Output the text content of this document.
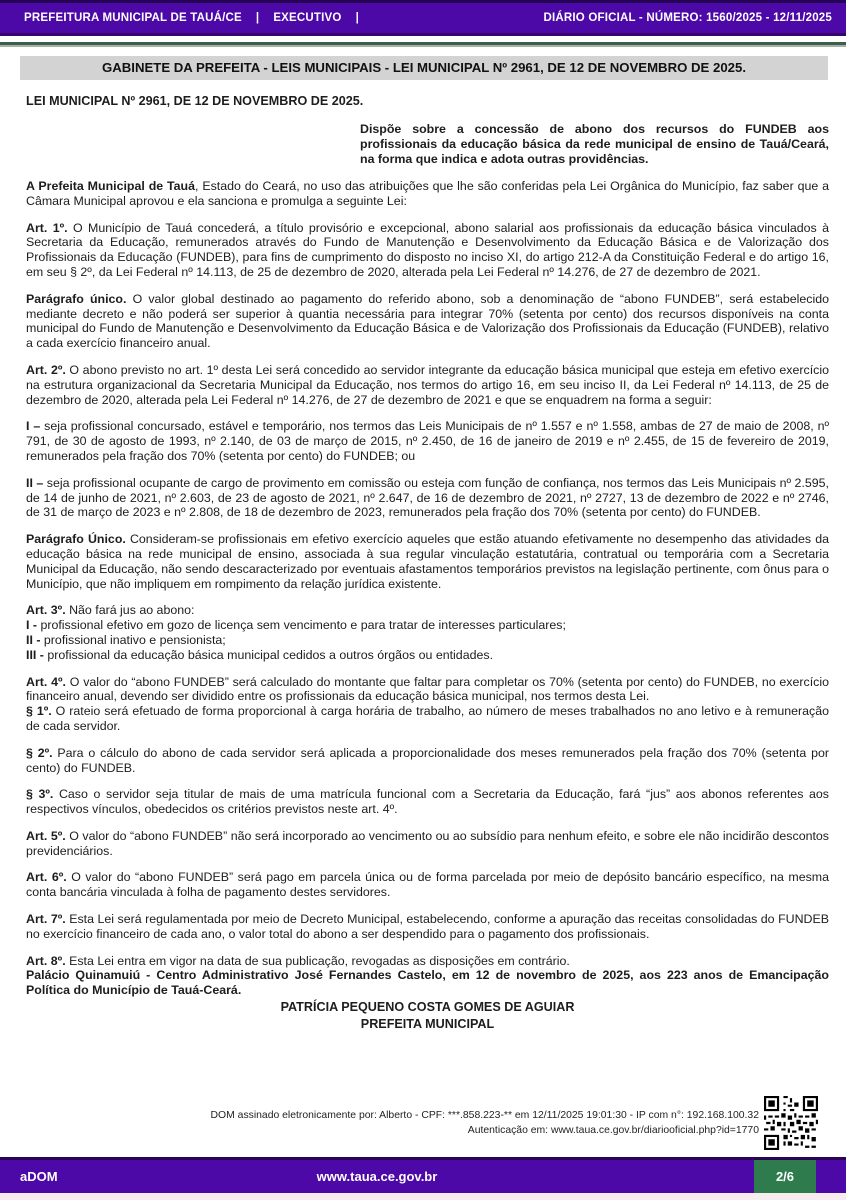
PREFEITURA MUNICIPAL DE TAUÁ/CE | EXECUTIVO |	DIÁRIO OFICIAL - NÚMERO: 1560/2025 - 12/11/2025
GABINETE DA PREFEITA - LEIS MUNICIPAIS - LEI MUNICIPAL Nº 2961, DE 12 DE NOVEMBRO DE 2025.
LEI MUNICIPAL Nº 2961, DE 12 DE NOVEMBRO DE 2025.
Dispõe sobre a concessão de abono dos recursos do FUNDEB aos profissionais da educação básica da rede municipal de ensino de Tauá/Ceará, na forma que indica e adota outras providências.

A Prefeita Municipal de Tauá, Estado do Ceará, no uso das atribuições que lhe são conferidas pela Lei Orgânica do Município, faz saber que a Câmara Municipal aprovou e ela sanciona e promulga a seguinte Lei:

Art. 1º. O Município de Tauá concederá, a título provisório e excepcional, abono salarial aos profissionais da educação básica vinculados à Secretaria da Educação, remunerados através do Fundo de Manutenção e Desenvolvimento da Educação Básica e de Valorização dos Profissionais da Educação (FUNDEB), para fins de cumprimento do disposto no inciso XI, do artigo 212-A da Constituição Federal e do artigo 16, em seu § 2º, da Lei Federal nº 14.113, de 25 de dezembro de 2020, alterada pela Lei Federal nº 14.276, de 27 de dezembro de 2021.

Parágrafo único. O valor global destinado ao pagamento do referido abono, sob a denominação de “abono FUNDEB”, será estabelecido mediante decreto e não poderá ser superior à quantia necessária para integrar 70% (setenta por cento) dos recursos disponíveis na conta municipal do Fundo de Manutenção e Desenvolvimento da Educação Básica e de Valorização dos Profissionais da Educação (FUNDEB), relativo a cada exercício financeiro anual.

Art. 2º. O abono previsto no art. 1º desta Lei será concedido ao servidor integrante da educação básica municipal que esteja em efetivo exercício na estrutura organizacional da Secretaria Municipal da Educação, nos termos do artigo 16, em seu inciso II, da Lei Federal nº 14.113, de 25 de dezembro de 2020, alterada pela Lei Federal nº 14.276, de 27 de dezembro de 2021 e que se enquadrem na forma a seguir:

I – seja profissional concursado, estável e temporário, nos termos das Leis Municipais de nº 1.557 e nº 1.558, ambas de 27 de maio de 2008, nº 791, de 30 de agosto de 1993, nº 2.140, de 03 de março de 2015, nº 2.450, de 16 de janeiro de 2019 e nº 2.455, de 15 de fevereiro de 2019, remunerados pela fração dos 70% (setenta por cento) do FUNDEB; ou

II – seja profissional ocupante de cargo de provimento em comissão ou esteja com função de confiança, nos termos das Leis Municipais nº 2.595, de 14 de junho de 2021, nº 2.603, de 23 de agosto de 2021, nº 2.647, de 16 de dezembro de 2021, nº 2727, 13 de dezembro de 2022 e nº 2746, de 31 de março de 2023 e nº 2.808, de 18 de dezembro de 2023, remunerados pela fração dos 70% (setenta por cento) do FUNDEB.

Parágrafo Único. Consideram-se profissionais em efetivo exercício aqueles que estão atuando efetivamente no desempenho das atividades da educação básica na rede municipal de ensino, associada à sua regular vinculação estatutária, contratual ou temporária com a Secretaria Municipal da Educação, não sendo descaracterizado por eventuais afastamentos temporários previstos na legislação pertinente, com ônus para o Município, que não impliquem em rompimento da relação jurídica existente.

Art. 3º. Não fará jus ao abono:

I - profissional efetivo em gozo de licença sem vencimento e para tratar de interesses particulares;

II - profissional inativo e pensionista;

III - profissional da educação básica municipal cedidos a outros órgãos ou entidades.

Art. 4º. O valor do “abono FUNDEB” será calculado do montante que faltar para completar os 70% (setenta por cento) do FUNDEB, no exercício financeiro anual, devendo ser dividido entre os profissionais da educação básica municipal, nos termos desta Lei.

§ 1º. O rateio será efetuado de forma proporcional à carga horária de trabalho, ao número de meses trabalhados no ano letivo e à remuneração de cada servidor.

§ 2º. Para o cálculo do abono de cada servidor será aplicada a proporcionalidade dos meses remunerados pela fração dos 70% (setenta por cento) do FUNDEB.

§ 3º. Caso o servidor seja titular de mais de uma matrícula funcional com a Secretaria da Educação, fará “jus” aos abonos referentes aos respectivos vínculos, obedecidos os critérios previstos neste art. 4º.

Art. 5º. O valor do “abono FUNDEB” não será incorporado ao vencimento ou ao subsídio para nenhum efeito, e sobre ele não incidirão descontos previdenciários.

Art. 6º. O valor do “abono FUNDEB” será pago em parcela única ou de forma parcelada por meio de depósito bancário específico, na mesma conta bancária vinculada à folha de pagamento destes servidores.

Art. 7º. Esta Lei será regulamentada por meio de Decreto Municipal, estabelecendo, conforme a apuração das receitas consolidadas do FUNDEB no exercício financeiro de cada ano, o valor total do abono a ser despendido para o pagamento dos profissionais.

Art. 8º. Esta Lei entra em vigor na data de sua publicação, revogadas as disposições em contrário.

Palácio Quinamuiú - Centro Administrativo José Fernandes Castelo, em 12 de novembro de 2025, aos 223 anos de Emancipação Política do Município de Tauá-Ceará.

PATRÍCIA PEQUENO COSTA GOMES DE AGUIAR
PREFEITA MUNICIPAL
DOM assinado eletronicamente por: Alberto - CPF: ***.858.223-** em 12/11/2025 19:01:30 - IP com n°: 192.168.100.32
Autenticação em: www.taua.ce.gov.br/diariooficial.php?id=1770
aDOM	www.taua.ce.gov.br	2/6
